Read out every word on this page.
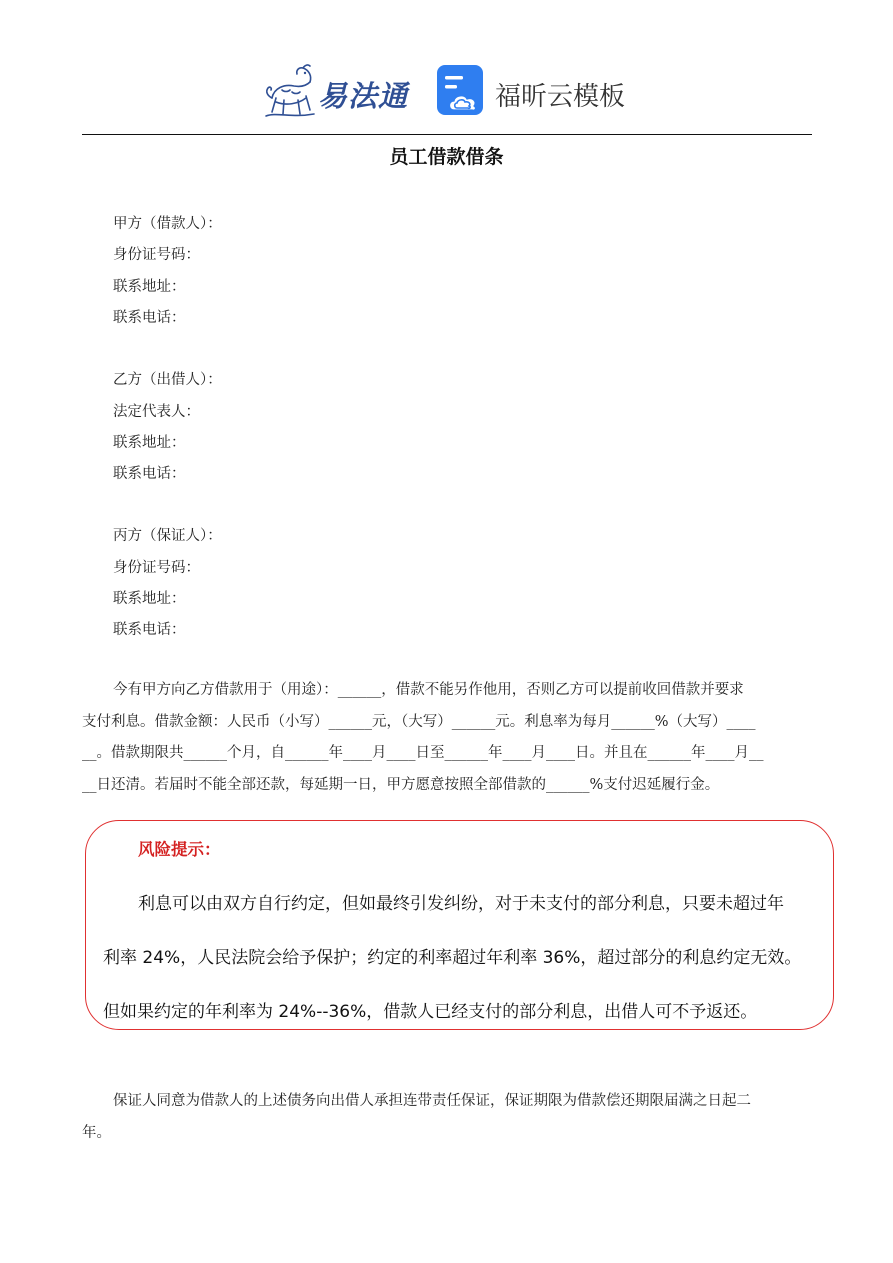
易法通	福昕云模板
员工借款借条
甲方（借款人）：
身份证号码：
联系地址：
联系电话：
乙方（出借人）：
法定代表人：
联系地址：
联系电话：
丙方（保证人）：
身份证号码：
联系地址：
联系电话：
今有甲方向乙方借款用于（用途）：______，借款不能另作他用，否则乙方可以提前收回借款并要求
支付利息。借款金额：人民币（小写）______元，（大写）______元。利息率为每月______%（大写）____
__。借款期限共______个月，自______年____月____日至______年____月____日。并且在______年____月__
__日还清。若届时不能全部还款，每延期一日，甲方愿意按照全部借款的______%支付迟延履行金。
风险提示：
利息可以由双方自行约定，但如最终引发纠纷，对于未支付的部分利息，只要未超过年
利率 24%，人民法院会给予保护；约定的利率超过年利率 36%，超过部分的利息约定无效。
但如果约定的年利率为 24%--36%，借款人已经支付的部分利息，出借人可不予返还。
保证人同意为借款人的上述债务向出借人承担连带责任保证，保证期限为借款偿还期限届满之日起二
年。
